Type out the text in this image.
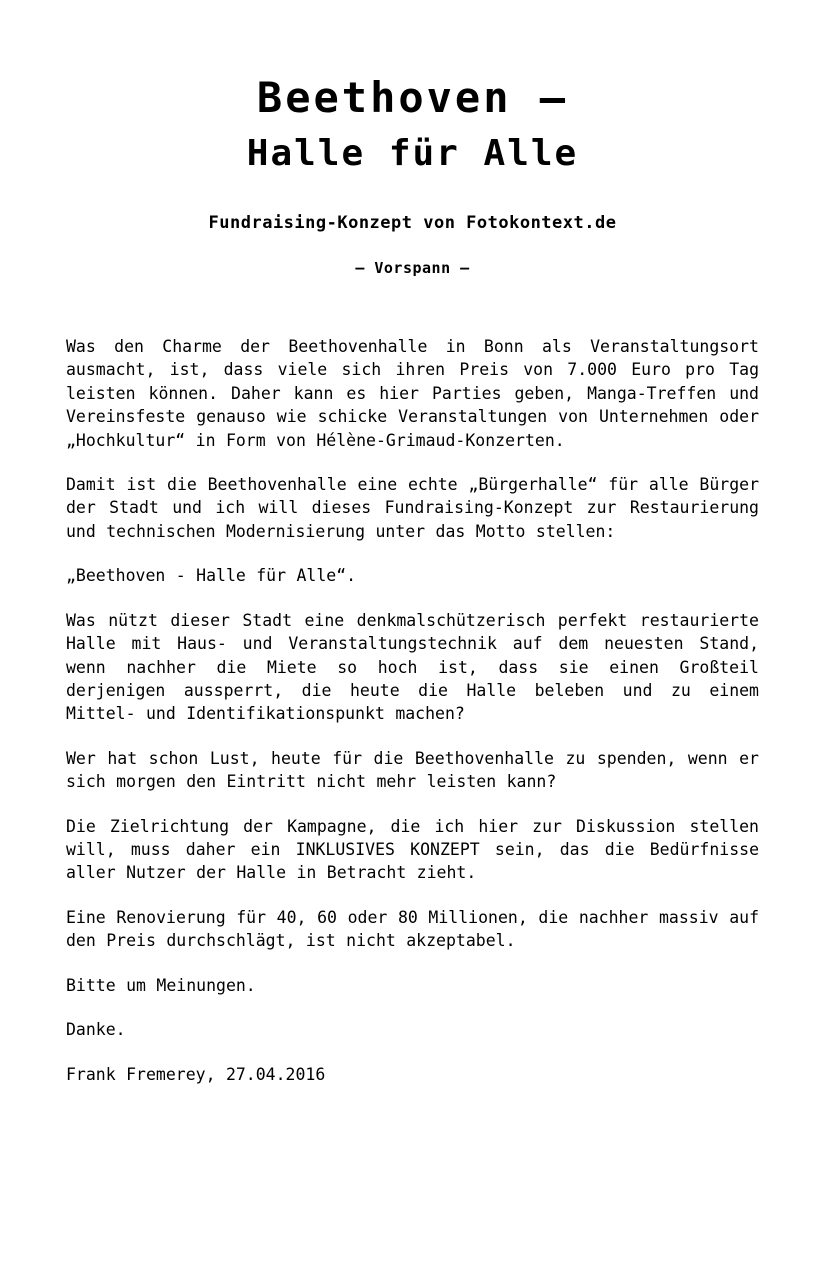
Beethoven –
Halle für Alle
Fundraising-Konzept von Fotokontext.de
– Vorspann –

Was den Charme der Beethovenhalle in Bonn als Veranstaltungsort ausmacht, ist, dass viele sich ihren Preis von 7.000 Euro pro Tag leisten können. Daher kann es hier Parties geben, Manga-Treffen und Vereinsfeste genauso wie schicke Veranstaltungen von Unternehmen oder „Hochkultur“ in Form von Hélène-Grimaud-Konzerten.

Damit ist die Beethovenhalle eine echte „Bürgerhalle“ für alle Bürger der Stadt und ich will dieses Fundraising-Konzept zur Restaurierung und technischen Modernisierung unter das Motto stellen:

„Beethoven - Halle für Alle“.

Was nützt dieser Stadt eine denkmalschützerisch perfekt restaurierte Halle mit Haus- und Veranstaltungstechnik auf dem neuesten Stand, wenn nachher die Miete so hoch ist, dass sie einen Großteil derjenigen aussperrt, die heute die Halle beleben und zu einem Mittel- und Identifikationspunkt machen?

Wer hat schon Lust, heute für die Beethovenhalle zu spenden, wenn er sich morgen den Eintritt nicht mehr leisten kann?

Die Zielrichtung der Kampagne, die ich hier zur Diskussion stellen will, muss daher ein INKLUSIVES KONZEPT sein, das die Bedürfnisse aller Nutzer der Halle in Betracht zieht.

Eine Renovierung für 40, 60 oder 80 Millionen, die nachher massiv auf den Preis durchschlägt, ist nicht akzeptabel.

Bitte um Meinungen.

Danke.

Frank Fremerey, 27.04.2016
